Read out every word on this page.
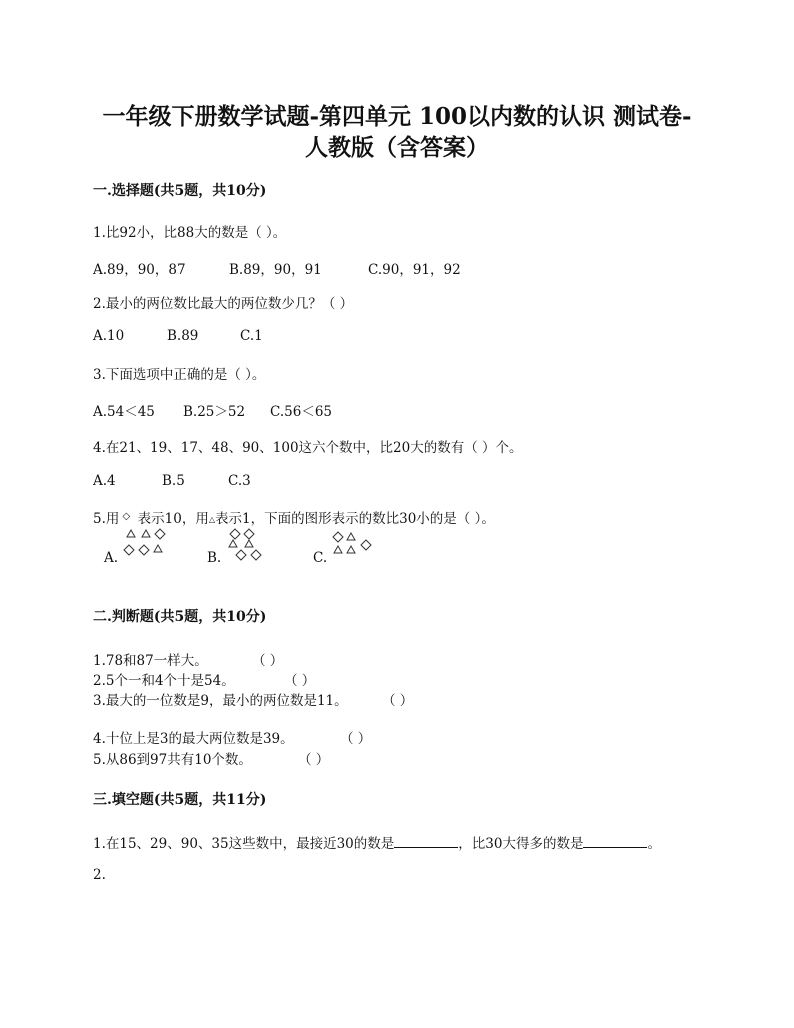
一年级下册数学试题-第四单元 100以内数的认识 测试卷-
人教版（含答案）
一.选择题(共5题，共10分)
1.比92小，比88大的数是（ ）。
A.89，90，87	B.89，90，91	C.90，91，92
2.最小的两位数比最大的两位数少几？（ ）
A.10	B.89	C.1
3.下面选项中正确的是（ ）。
A.54＜45 B.25＞52 C.56＜65
4.在21、19、17、48、90、100这六个数中，比20大的数有（ ）个。
A.4	B.5	C.3
5.用 ◇ 表示10，用△表示1，下面的图形表示的数比30小的是（ ）。
A.	B.	C.
二.判断题(共5题，共10分)
1.78和87一样大。	（ ）
2.5个一和4个十是54。	（ ）
3.最大的一位数是9，最小的两位数是11。	（ ）
4.十位上是3的最大两位数是39。	（ ）
5.从86到97共有10个数。	（ ）
三.填空题(共5题，共11分)
1.在15、29、90、35这些数中，最接近30的数是	，比30大得多的数是	。
2.
